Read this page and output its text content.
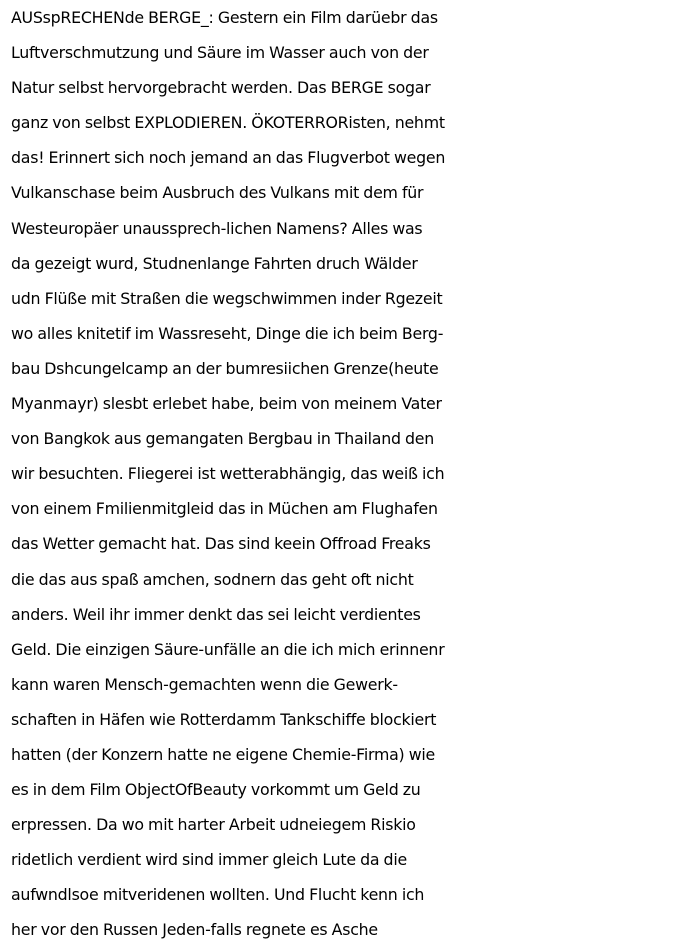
AUSspRECHENde BERGE_: Gestern ein Film darüebr das
Luftverschmutzung und Säure im Wasser auch von der
Natur selbst hervorgebracht werden. Das BERGE sogar
ganz von selbst EXPLODIEREN. ÖKOTERRORisten, nehmt
das! Erinnert sich noch jemand an das Flugverbot wegen
Vulkanschase beim Ausbruch des Vulkans mit dem für
Westeuropäer unaussprech-lichen Namens? Alles was
da gezeigt wurd, Studnenlange Fahrten druch Wälder
udn Flüße mit Straßen die wegschwimmen inder Rgezeit
wo alles knitetif im Wassreseht, Dinge die ich beim Berg-
bau Dshcungelcamp an der bumresiichen Grenze(heute
Myanmayr) slesbt erlebet habe, beim von meinem Vater
von Bangkok aus gemangaten Bergbau in Thailand den
wir besuchten. Fliegerei ist wetterabhängig, das weiß ich
von einem Fmilienmitgleid das in Müchen am Flughafen
das Wetter gemacht hat. Das sind keein Offroad Freaks
die das aus spaß amchen, sodnern das geht oft nicht
anders. Weil ihr immer denkt das sei leicht verdientes
Geld. Die einzigen Säure-unfälle an die ich mich erinnenr
kann waren Mensch-gemachten wenn die Gewerk-
schaften in Häfen wie Rotterdamm Tankschiffe blockiert
hatten (der Konzern hatte ne eigene Chemie-Firma) wie
es in dem Film ObjectOfBeauty vorkommt um Geld zu
erpressen. Da wo mit harter Arbeit udneiegem Riskio
ridetlich verdient wird sind immer gleich Lute da die
aufwndlsoe mitveridenen wollten. Und Flucht kenn ich
her vor den Russen Jeden-falls regnete es Asche
